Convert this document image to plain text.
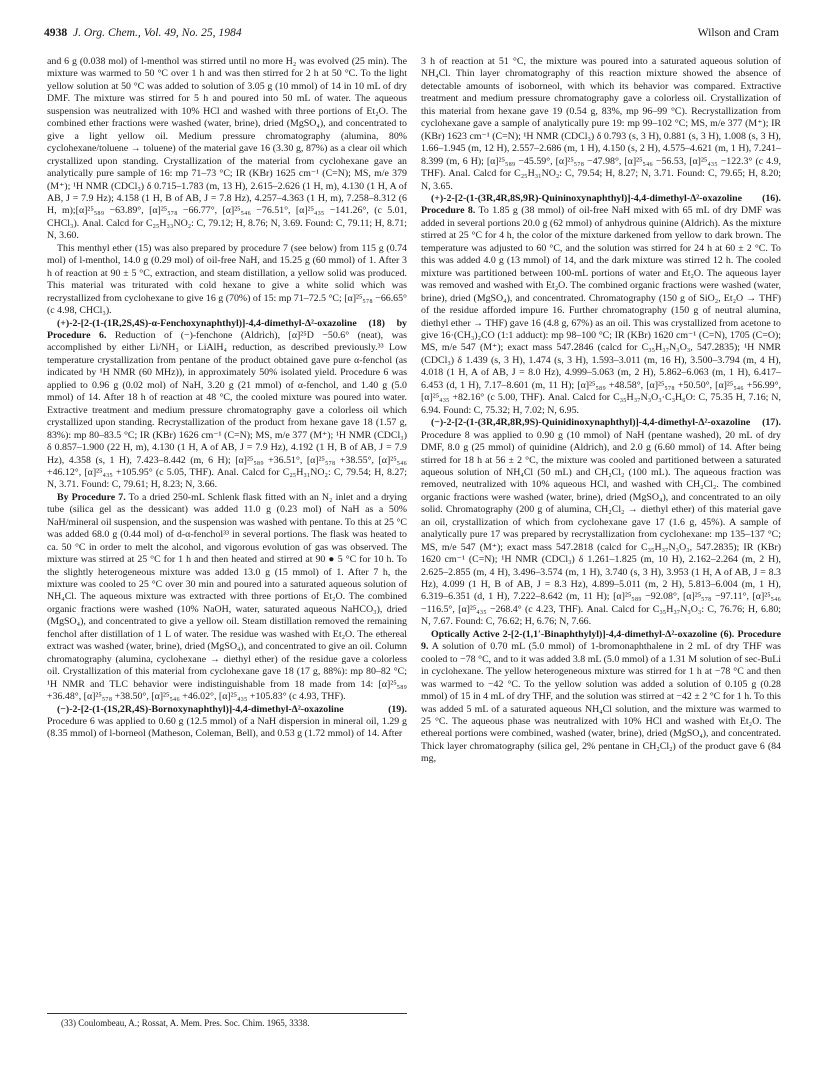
4938 J. Org. Chem., Vol. 49, No. 25, 1984	Wilson and Cram

and 6 g (0.038 mol) of l-menthol was stirred until no more H₂ was evolved (25 min). The mixture was warmed to 50 °C over 1 h and was then stirred for 2 h at 50 °C. To the light yellow solution at 50 °C was added to solution of 3.05 g (10 mmol) of 14 in 10 mL of dry DMF. The mixture was stirred for 5 h and poured into 50 mL of water. The aqueous suspension was neutralized with 10% HCl and washed with three portions of Et₂O. The combined ether fractions were washed (water, brine), dried (MgSO₄), and concentrated to give a light yellow oil. Medium pressure chromatography (alumina, 80% cyclohexane/toluene → toluene) of the material gave 16 (3.30 g, 87%) as a clear oil which crystallized upon standing. Crystallization of the material from cyclohexane gave an analytically pure sample of 16: mp 71–73 °C; IR (KBr) 1625 cm⁻¹ (C=N); MS, m/e 379 (M⁺); ¹H NMR (CDCl₃) δ 0.715–1.783 (m, 13 H), 2.615–2.626 (1 H, m), 4.130 (1 H, A of AB, J = 7.9 Hz); 4.158 (1 H, B of AB, J = 7.8 Hz), 4.257–4.363 (1 H, m), 7.258–8.312 (6 H, m);[α]²⁵₅₈₉ −63.89°, [α]²⁵₅₇₈ −66.77°, [α]²⁵₅₄₆ −76.51°, [α]²⁵₄₃₅ −141.26°, (c 5.01, CHCl₃). Anal. Calcd for C₂₅H₃₃NO₂: C, 79.12; H, 8.76; N, 3.69. Found: C, 79.11; H, 8.71; N, 3.60.

This menthyl ether (15) was also prepared by procedure 7 (see below) from 115 g (0.74 mol) of l-menthol, 14.0 g (0.29 mol) of oil-free NaH, and 15.25 g (60 mmol) of 1. After 3 h of reaction at 90 ± 5 °C, extraction, and steam distillation, a yellow solid was produced. This material was triturated with cold hexane to give a white solid which was recrystallized from cyclohexane to give 16 g (70%) of 15: mp 71–72.5 °C; [α]²⁵₅₇₈ −66.65° (c 4.98, CHCl₃).

(+)-2-[2-(1-(1R,2S,4S)-α-Fenchoxynaphthyl)]-4,4-dimethyl-Δ²-oxazoline (18) by Procedure 6. Reduction of (−)-fenchone (Aldrich), [α]²⁵D −50.6° (neat), was accomplished by either Li/NH₃ or LiAlH₄ reduction, as described previously.³³ Low temperature crystallization from pentane of the product obtained gave pure α-fenchol (as indicated by ¹H NMR (60 MHz)), in approximately 50% isolated yield. Procedure 6 was applied to 0.96 g (0.02 mol) of NaH, 3.20 g (21 mmol) of α-fenchol, and 1.40 g (5.0 mmol) of 14. After 18 h of reaction at 48 °C, the cooled mixture was poured into water. Extractive treatment and medium pressure chromatography gave a colorless oil which crystallized upon standing. Recrystallization of the product from hexane gave 18 (1.57 g, 83%): mp 80–83.5 °C; IR (KBr) 1626 cm⁻¹ (C=N); MS, m/e 377 (M⁺); ¹H NMR (CDCl₃) δ 0.857–1.900 (22 H, m), 4.130 (1 H, A of AB, J = 7.9 Hz), 4.192 (1 H, B of AB, J = 7.9 Hz), 4.358 (s, 1 H), 7.423–8.442 (m, 6 H); [α]²⁵₅₈₉ +36.51°, [α]²⁵₅₇₈ +38.55°, [α]²⁵₅₄₆ +46.12°, [α]²⁵₄₃₅ +105.95° (c 5.05, THF). Anal. Calcd for C₂₅H₃₁NO₂: C, 79.54; H, 8.27; N, 3.71. Found: C, 79.61; H, 8.23; N, 3.66.

By Procedure 7. To a dried 250-mL Schlenk flask fitted with an N₂ inlet and a drying tube (silica gel as the dessicant) was added 11.0 g (0.23 mol) of NaH as a 50% NaH/mineral oil suspension, and the suspension was washed with pentane. To this at 25 °C was added 68.0 g (0.44 mol) of d-α-fenchol³³ in several portions. The flask was heated to ca. 50 °C in order to melt the alcohol, and vigorous evolution of gas was observed. The mixture was stirred at 25 °C for 1 h and then heated and stirred at 90 ● 5 °C for 10 h. To the slightly heterogeneous mixture was added 13.0 g (15 mmol) of 1. After 7 h, the mixture was cooled to 25 °C over 30 min and poured into a saturated aqueous solution of NH₄Cl. The aqueous mixture was extracted with three portions of Et₂O. The combined organic fractions were washed (10% NaOH, water, saturated aqueous NaHCO₃), dried (MgSO₄), and concentrated to give a yellow oil. Steam distillation removed the remaining fenchol after distillation of 1 L of water. The residue was washed with Et₂O. The ethereal extract was washed (water, brine), dried (MgSO₄), and concentrated to give an oil. Column chromatography (alumina, cyclohexane → diethyl ether) of the residue gave a colorless oil. Crystallization of this material from cyclohexane gave 18 (17 g, 88%): mp 80–82 °C; ¹H NMR and TLC behavior were indistinguishable from 18 made from 14: [α]²⁵₅₈₉ +36.48°, [α]²⁵₅₇₈ +38.50°, [α]²⁵₅₄₆ +46.02°, [α]²⁵₄₃₅ +105.83° (c 4.93, THF).

(−)-2-[2-(1-(1S,2R,4S)-Bornoxynaphthyl)]-4,4-dimethyl-Δ²-oxazoline (19). Procedure 6 was applied to 0.60 g (12.5 mmol) of a NaH dispersion in mineral oil, 1.29 g (8.35 mmol) of l-borneol (Matheson, Coleman, Bell), and 0.53 g (1.72 mmol) of 14. After

3 h of reaction at 51 °C, the mixture was poured into a saturated aqueous solution of NH₄Cl. Thin layer chromatography of this reaction mixture showed the absence of detectable amounts of isoborneol, with which its behavior was compared. Extractive treatment and medium pressure chromatography gave a colorless oil. Crystallization of this material from hexane gave 19 (0.54 g, 83%, mp 96–99 °C). Recrystallization from cyclohexane gave a sample of analytically pure 19: mp 99–102 °C; MS, m/e 377 (M⁺); IR (KBr) 1623 cm⁻¹ (C=N); ¹H NMR (CDCl₃) δ 0.793 (s, 3 H), 0.881 (s, 3 H), 1.008 (s, 3 H), 1.66–1.945 (m, 12 H), 2.557–2.686 (m, 1 H), 4.150 (s, 2 H), 4.575–4.621 (m, 1 H), 7.241–8.399 (m, 6 H); [α]²⁵₅₈₉ −45.59°, [α]²⁵₅₇₈ −47.98°, [α]²⁵₅₄₆ −56.53, [α]²⁵₄₃₅ −122.3° (c 4.9, THF). Anal. Calcd for C₂₅H₃₁NO₂: C, 79.54; H, 8.27; N, 3.71. Found: C, 79.65; H, 8.20; N, 3.65.

(+)-2-[2-(1-(3R,4R,8S,9R)-Quininoxynaphthyl)]-4,4-dimethyl-Δ²-oxazoline (16). Procedure 8. To 1.85 g (38 mmol) of oil-free NaH mixed with 65 mL of dry DMF was added in several portions 20.0 g (62 mmol) of anhydrous quinine (Aldrich). As the mixture stirred at 25 °C for 4 h, the color of the mixture darkened from yellow to dark brown. The temperature was adjusted to 60 °C, and the solution was stirred for 24 h at 60 ± 2 °C. To this was added 4.0 g (13 mmol) of 14, and the dark mixture was stirred 12 h. The cooled mixture was partitioned between 100-mL portions of water and Et₂O. The aqueous layer was removed and washed with Et₂O. The combined organic fractions were washed (water, brine), dried (MgSO₄), and concentrated. Chromatography (150 g of SiO₂, Et₂O → THF) of the residue afforded impure 16. Further chromatography (150 g of neutral alumina, diethyl ether → THF) gave 16 (4.8 g, 67%) as an oil. This was crystallized from acetone to give 16·(CH₃)₂CO (1:1 adduct): mp 98–100 °C; IR (KBr) 1620 cm⁻¹ (C=N), 1705 (C=O); MS, m/e 547 (M⁺); exact mass 547.2846 (calcd for C₃₅H₃₇N₃O₃, 547.2835); ¹H NMR (CDCl₃) δ 1.439 (s, 3 H), 1.474 (s, 3 H), 1.593–3.011 (m, 16 H), 3.500–3.794 (m, 4 H), 4.018 (1 H, A of AB, J = 8.0 Hz), 4.999–5.063 (m, 2 H), 5.862–6.063 (m, 1 H), 6.417–6.453 (d, 1 H), 7.17–8.601 (m, 11 H); [α]²⁵₅₈₉ +48.58°, [α]²⁵₅₇₈ +50.50°, [α]²⁵₅₄₆ +56.99°, [α]²⁵₄₃₅ +82.16° (c 5.00, THF). Anal. Calcd for C₃₅H₃₇N₃O₃·C₃H₆O: C, 75.35 H, 7.16; N, 6.94. Found: C, 75.32; H, 7.02; N, 6.95.

(−)-2-[2-(1-(3R,4R,8R,9S)-Quinidinoxynaphthyl)]-4,4-dimethyl-Δ²-oxazoline (17). Procedure 8 was applied to 0.90 g (10 mmol) of NaH (pentane washed), 20 mL of dry DMF, 8.0 g (25 mmol) of quinidine (Aldrich), and 2.0 g (6.60 mmol) of 14. After being stirred for 18 h at 56 ± 2 °C, the mixture was cooled and partitioned between a saturated aqueous solution of NH₄Cl (50 mL) and CH₂Cl₂ (100 mL). The aqueous fraction was removed, neutralized with 10% aqueous HCl, and washed with CH₂Cl₂. The combined organic fractions were washed (water, brine), dried (MgSO₄), and concentrated to an oily solid. Chromatography (200 g of alumina, CH₂Cl₂ → diethyl ether) of this material gave an oil, crystallization of which from cyclohexane gave 17 (1.6 g, 45%). A sample of analytically pure 17 was prepared by recrystallization from cyclohexane: mp 135–137 °C; MS, m/e 547 (M⁺); exact mass 547.2818 (calcd for C₃₅H₃₇N₃O₃, 547.2835); IR (KBr) 1620 cm⁻¹ (C=N); ¹H NMR (CDCl₃) δ 1.261–1.825 (m, 10 H), 2.162–2.264 (m, 2 H), 2.625–2.855 (m, 4 H), 3.496–3.574 (m, 1 H), 3.740 (s, 3 H), 3.953 (1 H, A of AB, J = 8.3 Hz), 4.099 (1 H, B of AB, J = 8.3 Hz), 4.899–5.011 (m, 2 H), 5.813–6.004 (m, 1 H), 6.319–6.351 (d, 1 H), 7.222–8.642 (m, 11 H); [α]²⁵₅₈₉ −92.08°, [α]²⁵₅₇₈ −97.11°, [α]²⁵₅₄₆ −116.5°, [α]²⁵₄₃₅ −268.4° (c 4.23, THF). Anal. Calcd for C₃₅H₃₇N₃O₃: C, 76.76; H, 6.80; N, 7.67. Found: C, 76.62; H, 6.76; N, 7.66.

Optically Active 2-[2-(1,1′-Binaphthylyl)]-4,4-dimethyl-Δ²-oxazoline (6). Procedure 9. A solution of 0.70 mL (5.0 mmol) of 1-bromonaphthalene in 2 mL of dry THF was cooled to −78 °C, and to it was added 3.8 mL (5.0 mmol) of a 1.31 M solution of sec-BuLi in cyclohexane. The yellow heterogeneous mixture was stirred for 1 h at −78 °C and then was warmed to −42 °C. To the yellow solution was added a solution of 0.105 g (0.28 mmol) of 15 in 4 mL of dry THF, and the solution was stirred at −42 ± 2 °C for 1 h. To this was added 5 mL of a saturated aqueous NH₄Cl solution, and the mixture was warmed to 25 °C. The aqueous phase was neutralized with 10% HCl and washed with Et₂O. The ethereal portions were combined, washed (water, brine), dried (MgSO₄), and concentrated. Thick layer chromatography (silica gel, 2% pentane in CH₂Cl₂) of the product gave 6 (84 mg,

(33) Coulombeau, A.; Rossat, A. Mem. Pres. Soc. Chim. 1965, 3338.
